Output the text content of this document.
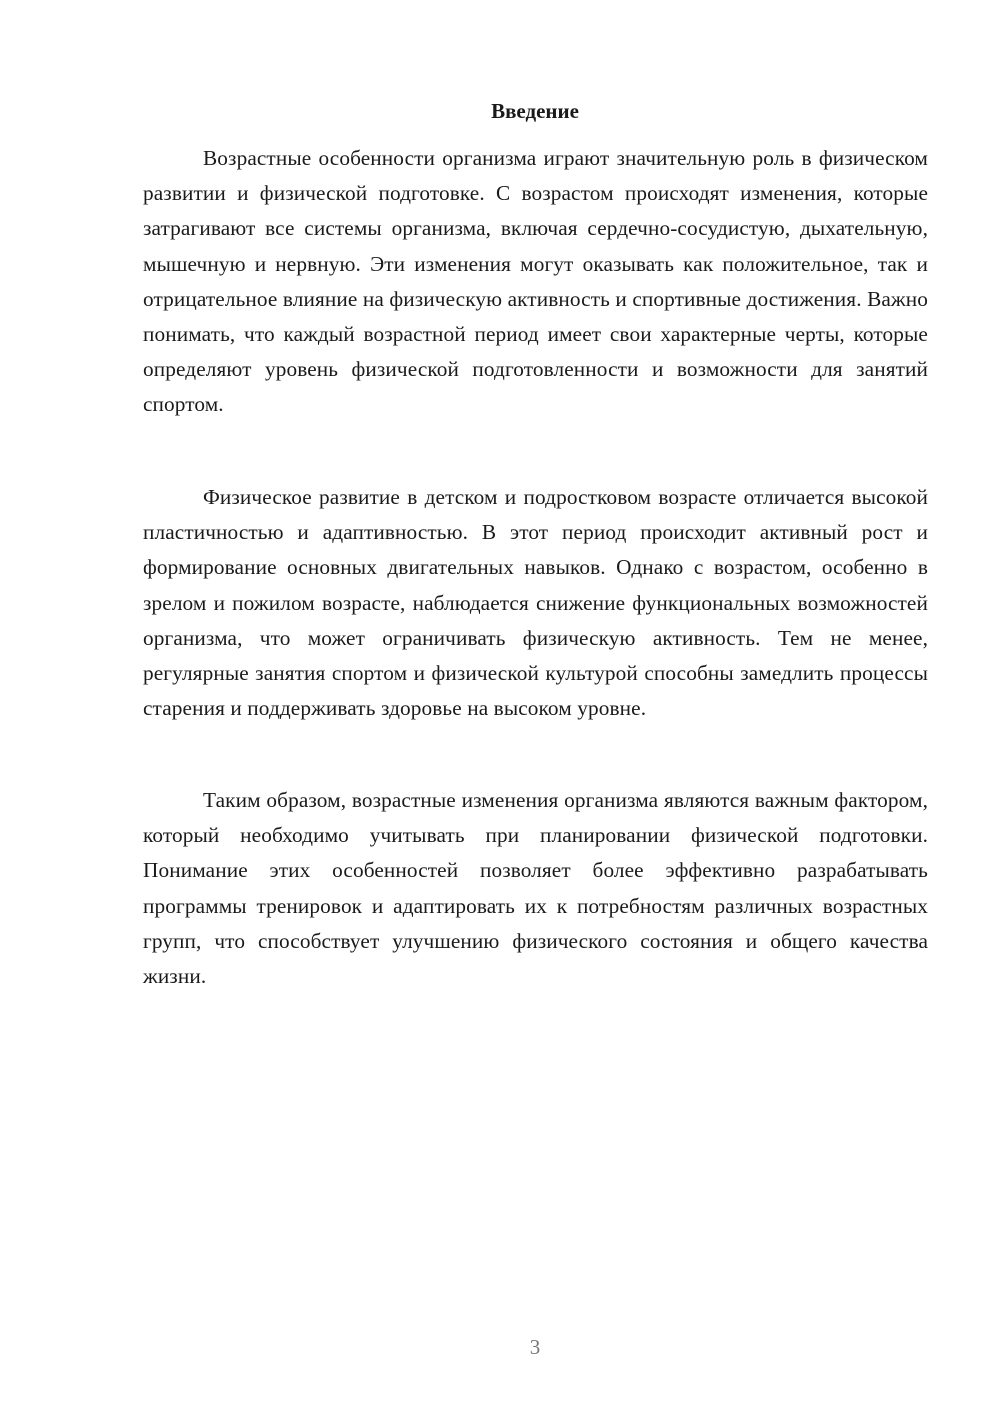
Введение

Возрастные особенности организма играют значительную роль в физическом развитии и физической подготовке. С возрастом происходят изменения, которые затрагивают все системы организма, включая сердечно-сосудистую, дыхательную, мышечную и нервную. Эти изменения могут оказывать как положительное, так и отрицательное влияние на физическую активность и спортивные достижения. Важно понимать, что каждый возрастной период имеет свои характерные черты, которые определяют уровень физической подготовленности и возможности для занятий спортом.

Физическое развитие в детском и подростковом возрасте отличается высокой пластичностью и адаптивностью. В этот период происходит активный рост и формирование основных двигательных навыков. Однако с возрастом, особенно в зрелом и пожилом возрасте, наблюдается снижение функциональных возможностей организма, что может ограничивать физическую активность. Тем не менее, регулярные занятия спортом и физической культурой способны замедлить процессы старения и поддерживать здоровье на высоком уровне.

Таким образом, возрастные изменения организма являются важным фактором, который необходимо учитывать при планировании физической подготовки. Понимание этих особенностей позволяет более эффективно разрабатывать программы тренировок и адаптировать их к потребностям различных возрастных групп, что способствует улучшению физического состояния и общего качества жизни.

3
